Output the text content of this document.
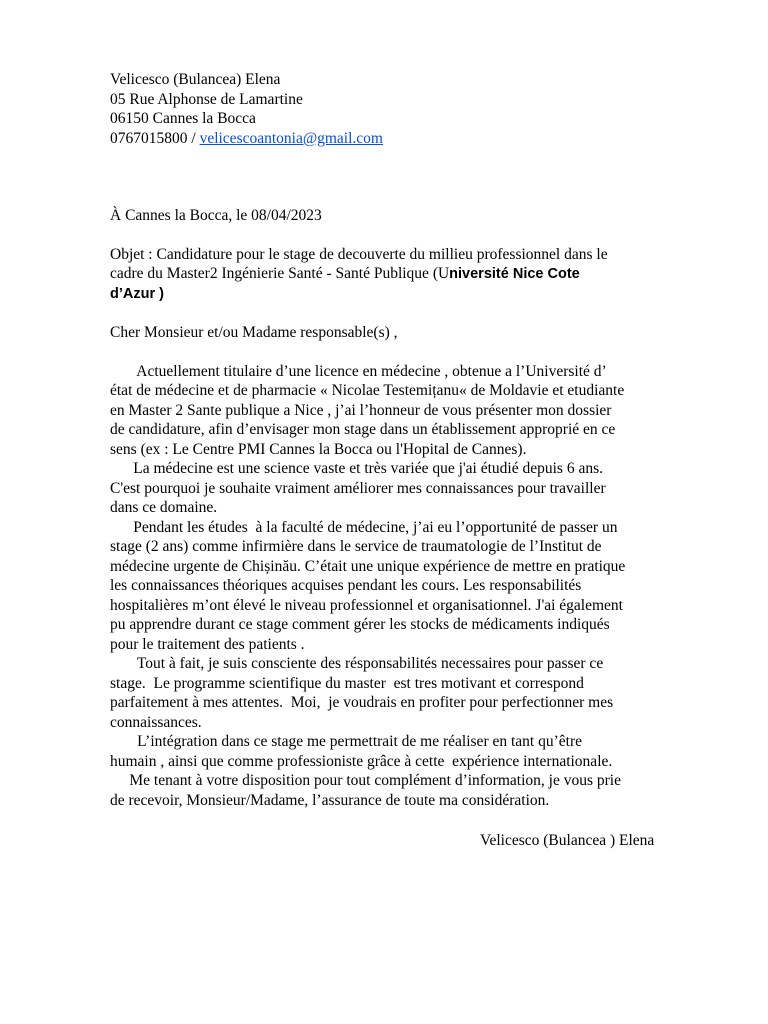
Velicesco (Bulancea) Elena
05 Rue Alphonse de Lamartine
06150 Cannes la Bocca
0767015800 / velicescoantonia@gmail.com
À Cannes la Bocca, le 08/04/2023
Objet : Candidature pour le stage de decouverte du millieu professionnel dans le
cadre du Master2 Ingénierie Santé - Santé Publique (Université Nice Cote
d’Azur )
Cher Monsieur et/ou Madame responsable(s) ,
Actuellement titulaire d’une licence en médecine , obtenue a l’Université d’
état de médecine et de pharmacie « Nicolae Testemițanu« de Moldavie et etudiante
en Master 2 Sante publique a Nice , j’ai l’honneur de vous présenter mon dossier
de candidature, afin d’envisager mon stage dans un établissement approprié en ce
sens (ex : Le Centre PMI Cannes la Bocca ou l'Hopital de Cannes).
La médecine est une science vaste et très variée que j'ai étudié depuis 6 ans.
C'est pourquoi je souhaite vraiment améliorer mes connaissances pour travailler
dans ce domaine.
Pendant les études  à la faculté de médecine, j’ai eu l’opportunité de passer un
stage (2 ans) comme infirmière dans le service de traumatologie de l’Institut de
médecine urgente de Chișinău. C’était une unique expérience de mettre en pratique
les connaissances théoriques acquises pendant les cours. Les responsabilités
hospitalières m’ont élevé le niveau professionnel et organisationnel. J'ai également
pu apprendre durant ce stage comment gérer les stocks de médicaments indiqués
pour le traitement des patients .
Tout à fait, je suis consciente des résponsabilités necessaires pour passer ce
stage.  Le programme scientifique du master  est tres motivant et correspond
parfaitement à mes attentes.  Moi,  je voudrais en profiter pour perfectionner mes
connaissances.
L’intégration dans ce stage me permettrait de me réaliser en tant qu’être
humain , ainsi que comme professioniste grâce à cette  expérience internationale.
Me tenant à votre disposition pour tout complément d’information, je vous prie
de recevoir, Monsieur/Madame, l’assurance de toute ma considération.
Velicesco (Bulancea ) Elena
